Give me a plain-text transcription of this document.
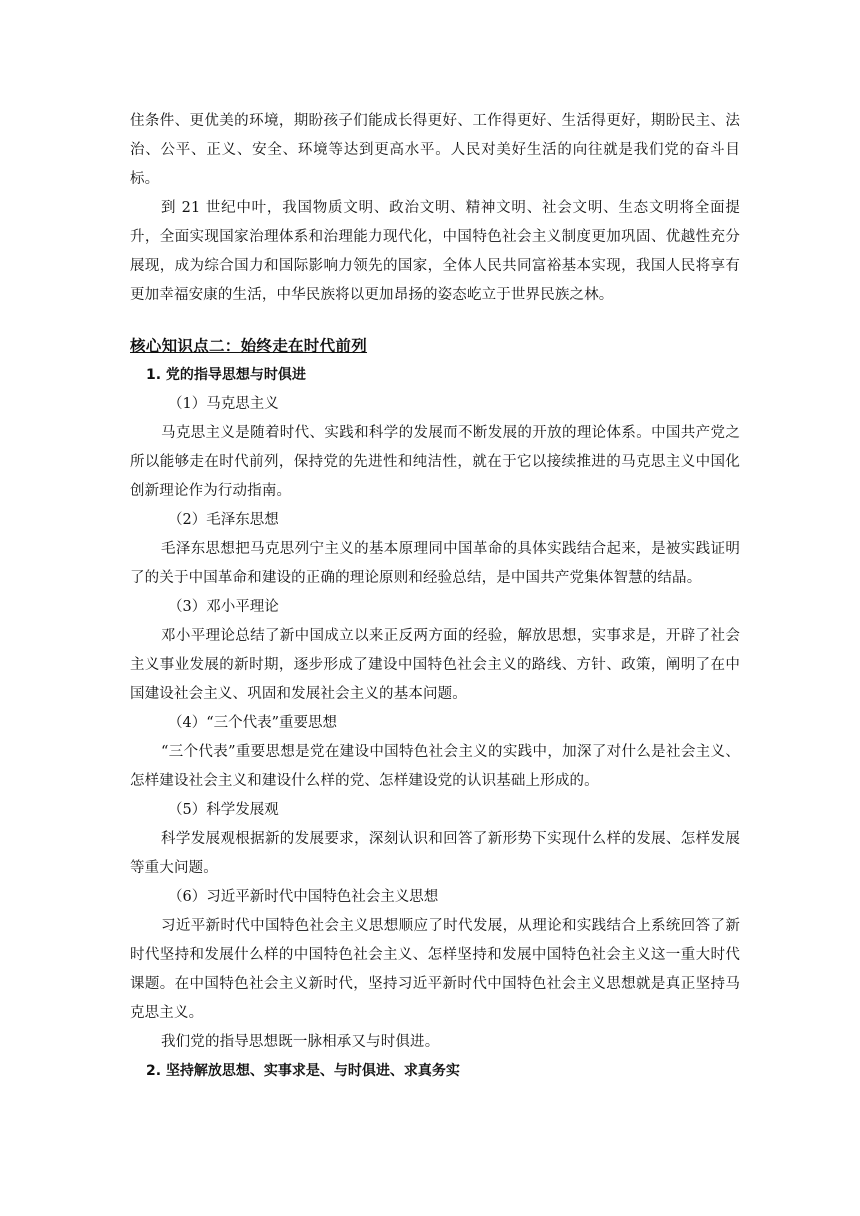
住条件、更优美的环境，期盼孩子们能成长得更好、工作得更好、生活得更好，期盼民主、法治、公平、正义、安全、环境等达到更高水平。人民对美好生活的向往就是我们党的奋斗目标。

到 21 世纪中叶，我国物质文明、政治文明、精神文明、社会文明、生态文明将全面提升，全面实现国家治理体系和治理能力现代化，中国特色社会主义制度更加巩固、优越性充分展现，成为综合国力和国际影响力领先的国家，全体人民共同富裕基本实现，我国人民将享有更加幸福安康的生活，中华民族将以更加昂扬的姿态屹立于世界民族之林。

核心知识点二：始终走在时代前列

1. 党的指导思想与时俱进

（1）马克思主义

马克思主义是随着时代、实践和科学的发展而不断发展的开放的理论体系。中国共产党之所以能够走在时代前列，保持党的先进性和纯洁性，就在于它以接续推进的马克思主义中国化创新理论作为行动指南。

（2）毛泽东思想

毛泽东思想把马克思列宁主义的基本原理同中国革命的具体实践结合起来，是被实践证明了的关于中国革命和建设的正确的理论原则和经验总结，是中国共产党集体智慧的结晶。

（3）邓小平理论

邓小平理论总结了新中国成立以来正反两方面的经验，解放思想，实事求是，开辟了社会主义事业发展的新时期，逐步形成了建设中国特色社会主义的路线、方针、政策，阐明了在中国建设社会主义、巩固和发展社会主义的基本问题。

（4）“三个代表”重要思想

“三个代表”重要思想是党在建设中国特色社会主义的实践中，加深了对什么是社会主义、怎样建设社会主义和建设什么样的党、怎样建设党的认识基础上形成的。

（5）科学发展观

科学发展观根据新的发展要求，深刻认识和回答了新形势下实现什么样的发展、怎样发展等重大问题。

（6）习近平新时代中国特色社会主义思想

习近平新时代中国特色社会主义思想顺应了时代发展，从理论和实践结合上系统回答了新时代坚持和发展什么样的中国特色社会主义、怎样坚持和发展中国特色社会主义这一重大时代课题。在中国特色社会主义新时代，坚持习近平新时代中国特色社会主义思想就是真正坚持马克思主义。

我们党的指导思想既一脉相承又与时俱进。

2. 坚持解放思想、实事求是、与时俱进、求真务实
